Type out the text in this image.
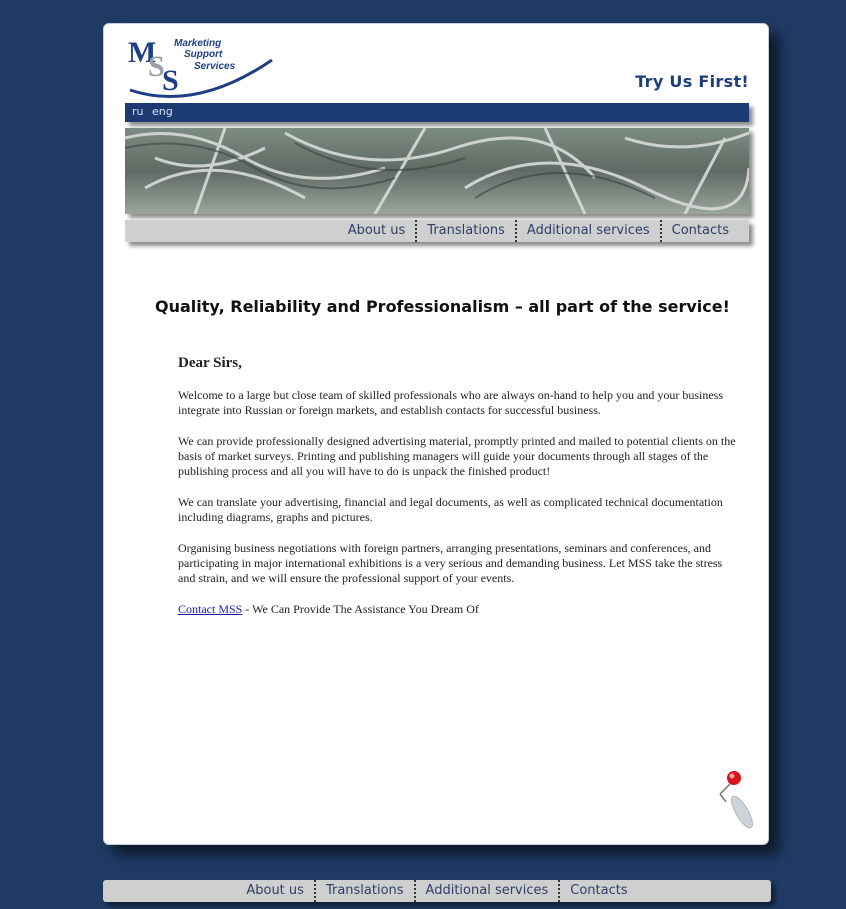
M
S
S
Marketing
Support
Services
Try Us First!
ru eng
About us	Translations	Additional services	Contacts
Quality, Reliability and Professionalism – all part of the service!
Dear Sirs,

Welcome to a large but close team of skilled professionals who are always on-hand to help you and your business integrate into Russian or foreign markets, and establish contacts for successful business.

We can provide professionally designed advertising material, promptly printed and mailed to potential clients on the basis of market surveys. Printing and publishing managers will guide your documents through all stages of the publishing process and all you will have to do is unpack the finished product!

We can translate your advertising, financial and legal documents, as well as complicated technical documentation including diagrams, graphs and pictures.

Organising business negotiations with foreign partners, arranging presentations, seminars and conferences, and participating in major international exhibitions is a very serious and demanding business. Let MSS take the stress and strain, and we will ensure the professional support of your events.

Contact MSS - We Can Provide The Assistance You Dream Of

About us	Translations	Additional services	Contacts
